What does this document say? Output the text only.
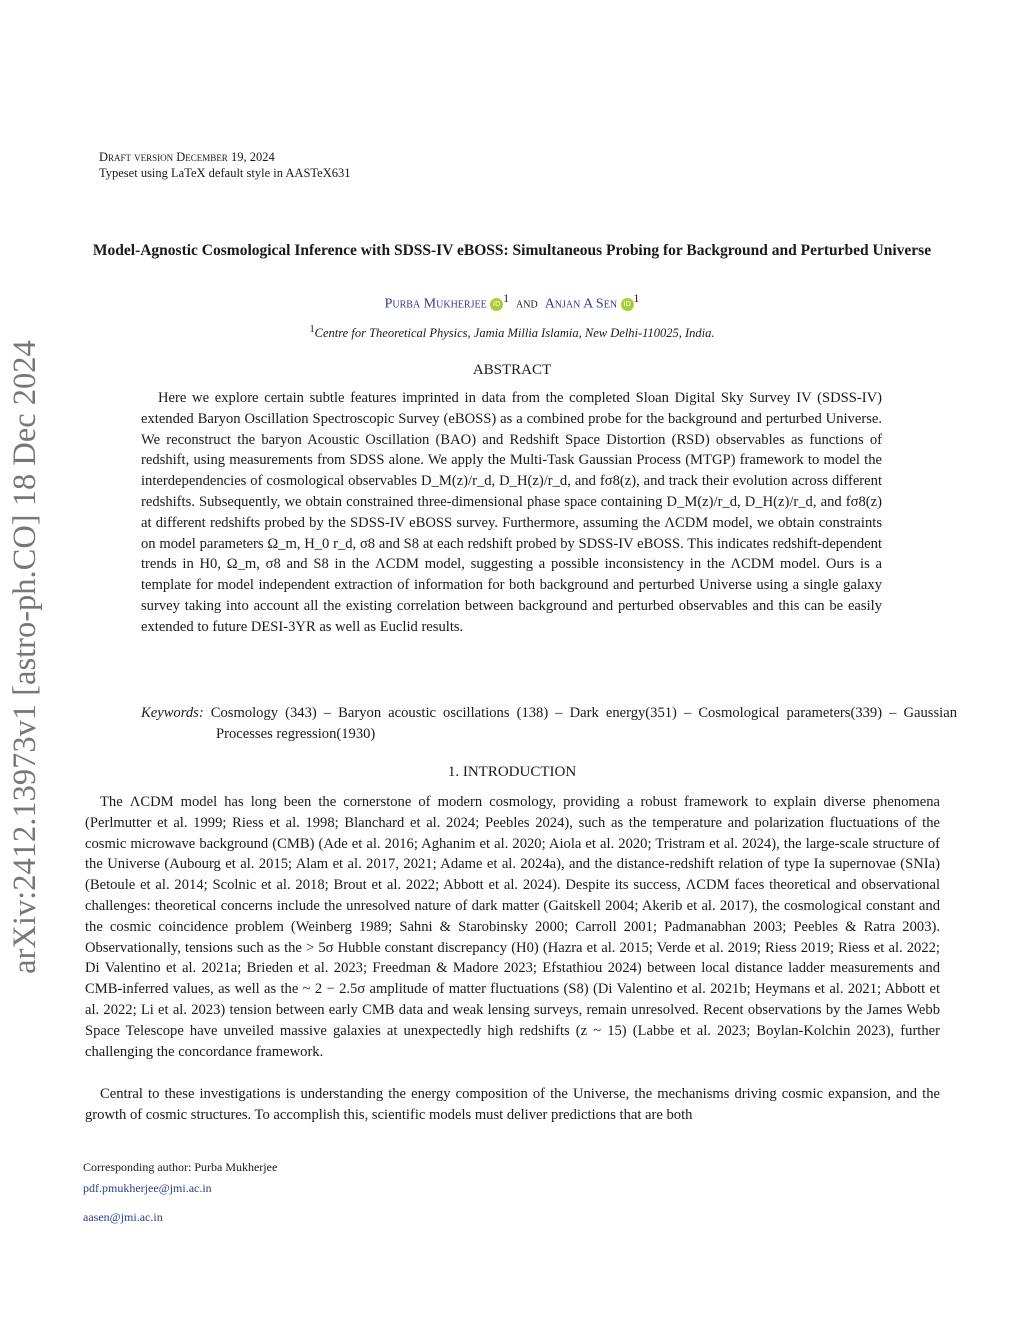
arXiv:2412.13973v1 [astro-ph.CO] 18 Dec 2024
Draft version December 19, 2024
Typeset using LaTeX default style in AASTeX631
Model-Agnostic Cosmological Inference with SDSS-IV eBOSS: Simultaneous Probing for Background and Perturbed Universe
Purba Mukherjee iD $^1$ and Anjan A Sen iD $^1$
$^1$Centre for Theoretical Physics, Jamia Millia Islamia, New Delhi-110025, India.
ABSTRACT
Here we explore certain subtle features imprinted in data from the completed Sloan Digital Sky Survey IV (SDSS-IV) extended Baryon Oscillation Spectroscopic Survey (eBOSS) as a combined probe for the background and perturbed Universe. We reconstruct the baryon Acoustic Oscillation (BAO) and Redshift Space Distortion (RSD) observables as functions of redshift, using measurements from SDSS alone. We apply the Multi-Task Gaussian Process (MTGP) framework to model the interdependencies of cosmological observables D_M(z)/r_d, D_H(z)/r_d, and fσ8(z), and track their evolution across different redshifts. Subsequently, we obtain constrained three-dimensional phase space containing D_M(z)/r_d, D_H(z)/r_d, and fσ8(z) at different redshifts probed by the SDSS-IV eBOSS survey. Furthermore, assuming the ΛCDM model, we obtain constraints on model parameters Ω_m, H_0 r_d, σ8 and S8 at each redshift probed by SDSS-IV eBOSS. This indicates redshift-dependent trends in H0, Ω_m, σ8 and S8 in the ΛCDM model, suggesting a possible inconsistency in the ΛCDM model. Ours is a template for model independent extraction of information for both background and perturbed Universe using a single galaxy survey taking into account all the existing correlation between background and perturbed observables and this can be easily extended to future DESI-3YR as well as Euclid results.
Keywords: Cosmology (343) – Baryon acoustic oscillations (138) – Dark energy(351) – Cosmological parameters(339) – Gaussian Processes regression(1930)
1. INTRODUCTION
The ΛCDM model has long been the cornerstone of modern cosmology, providing a robust framework to explain diverse phenomena (Perlmutter et al. 1999; Riess et al. 1998; Blanchard et al. 2024; Peebles 2024), such as the temperature and polarization fluctuations of the cosmic microwave background (CMB) (Ade et al. 2016; Aghanim et al. 2020; Aiola et al. 2020; Tristram et al. 2024), the large-scale structure of the Universe (Aubourg et al. 2015; Alam et al. 2017, 2021; Adame et al. 2024a), and the distance-redshift relation of type Ia supernovae (SNIa) (Betoule et al. 2014; Scolnic et al. 2018; Brout et al. 2022; Abbott et al. 2024). Despite its success, ΛCDM faces theoretical and observational challenges: theoretical concerns include the unresolved nature of dark matter (Gaitskell 2004; Akerib et al. 2017), the cosmological constant and the cosmic coincidence problem (Weinberg 1989; Sahni & Starobinsky 2000; Carroll 2001; Padmanabhan 2003; Peebles & Ratra 2003). Observationally, tensions such as the > 5σ Hubble constant discrepancy (H0) (Hazra et al. 2015; Verde et al. 2019; Riess 2019; Riess et al. 2022; Di Valentino et al. 2021a; Brieden et al. 2023; Freedman & Madore 2023; Efstathiou 2024) between local distance ladder measurements and CMB-inferred values, as well as the ~ 2 − 2.5σ amplitude of matter fluctuations (S8) (Di Valentino et al. 2021b; Heymans et al. 2021; Abbott et al. 2022; Li et al. 2023) tension between early CMB data and weak lensing surveys, remain unresolved. Recent observations by the James Webb Space Telescope have unveiled massive galaxies at unexpectedly high redshifts (z ~ 15) (Labbe et al. 2023; Boylan-Kolchin 2023), further challenging the concordance framework.
Central to these investigations is understanding the energy composition of the Universe, the mechanisms driving cosmic expansion, and the growth of cosmic structures. To accomplish this, scientific models must deliver predictions that are both
Corresponding author: Purba Mukherjee
pdf.pmukherjee@jmi.ac.in
aasen@jmi.ac.in
